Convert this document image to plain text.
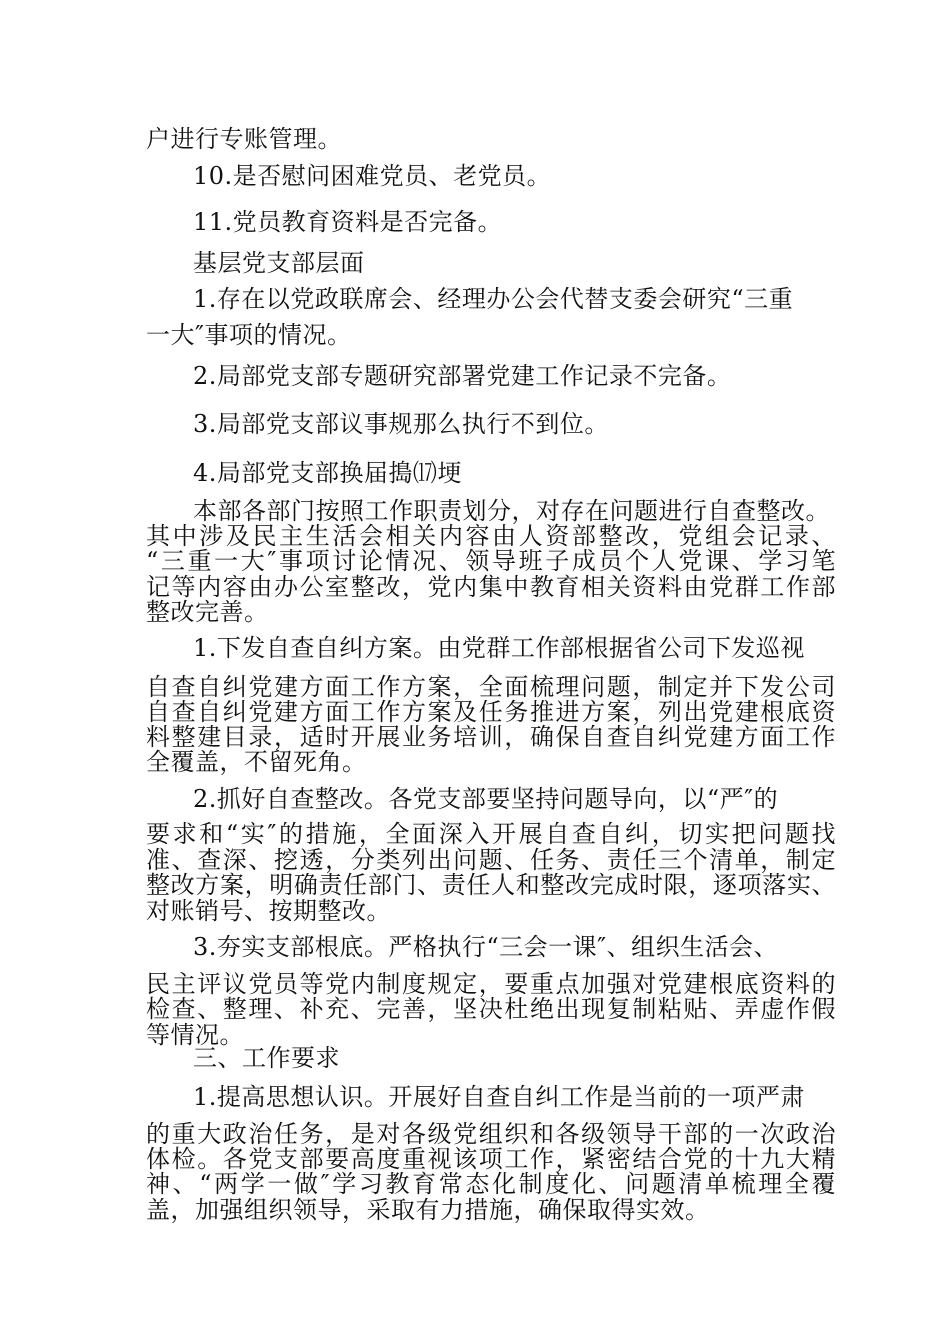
户进行专账管理。
10.是否慰问困难党员、老党员。
11.党员教育资料是否完备。
基层党支部层面
1.存在以党政联席会、经理办公会代替支委会研究“三重
一大″事项的情况。
2.局部党支部专题研究部署党建工作记录不完备。
3.局部党支部议事规那么执行不到位。
4.局部党支部换届搗⒄埂
本部各部门按照工作职责划分，对存在问题进行自查整改。
其中涉及民主生活会相关内容由人资部整改，党组会记录、
“三重一大″事项讨论情况、领导班子成员个人党课、学习笔
记等内容由办公室整改，党内集中教育相关资料由党群工作部
整改完善。
1.下发自查自纠方案。由党群工作部根据省公司下发巡视
自查自纠党建方面工作方案，全面梳理问题，制定并下发公司
自查自纠党建方面工作方案及任务推进方案，列出党建根底资
料整建目录，适时开展业务培训，确保自查自纠党建方面工作
全覆盖，不留死角。
2.抓好自查整改。各党支部要坚持问题导向，以“严″的
要求和“实″的措施，全面深入开展自查自纠，切实把问题找
准、查深、挖透，分类列出问题、任务、责任三个清单，制定
整改方案，明确责任部门、责任人和整改完成时限，逐项落实、
对账销号、按期整改。
3.夯实支部根底。严格执行“三会一课″、组织生活会、
民主评议党员等党内制度规定，要重点加强对党建根底资料的
检查、整理、补充、完善，坚决杜绝出现复制粘贴、弄虚作假
等情况。
三、工作要求
1.提高思想认识。开展好自查自纠工作是当前的一项严肃
的重大政治任务，是对各级党组织和各级领导干部的一次政治
体检。各党支部要高度重视该项工作，紧密结合党的十九大精
神、“两学一做″学习教育常态化制度化、问题清单梳理全覆
盖，加强组织领导，采取有力措施，确保取得实效。
